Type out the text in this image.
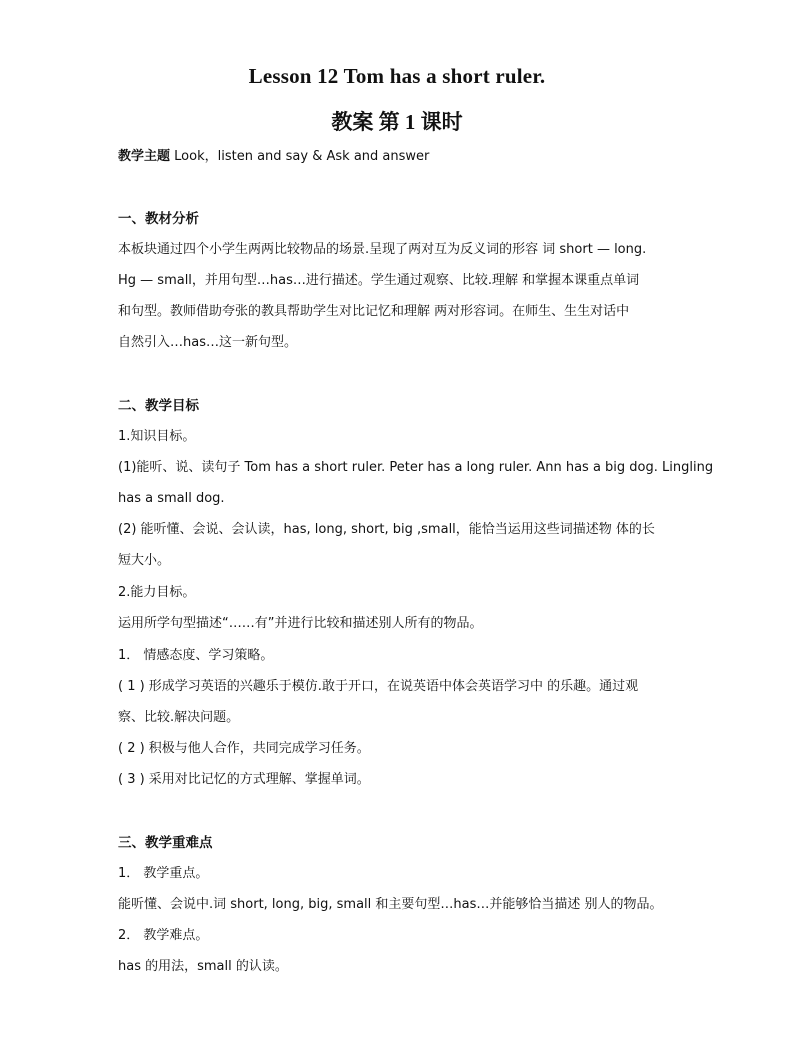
Lesson 12 Tom has a short ruler.
教案 第 1 课时
教学主题 Look，listen and say & Ask and answer
一、教材分析
本板块通过四个小学生两两比较物品的场景.呈现了两对互为反义词的形容 词 short — long.
Hg — small，并用句型…has…进行描述。学生通过观察、比较.理解 和掌握本课重点单词
和句型。教师借助夸张的教具帮助学生对比记忆和理解 两对形容词。在师生、生生对话中
自然引入…has…这一新句型。
二、教学目标
1.知识目标。
(1)能听、说、读句子 Tom has a short ruler. Peter has a long ruler. Ann has a big dog. Lingling
has a small dog.
(2) 能听懂、会说、会认读，has, long, short, big ,small，能恰当运用这些词描述物 体的长
短大小。
2.能力目标。
运用所学句型描述“……有”并进行比较和描述别人所有的物品。
1． 情感态度、学习策略。
( 1 ) 形成学习英语的兴趣乐于模仿.敢于开口，在说英语中体会英语学习中 的乐趣。通过观
察、比较.解决问题。
( 2 ) 积极与他人合作，共同完成学习任务。
( 3 ) 采用对比记忆的方式理解、掌握单词。
三、教学重难点
1． 教学重点。
能听懂、会说中.词 short, long, big, small 和主要句型…has…并能够恰当描述 别人的物品。
2． 教学难点。
has 的用法，small 的认读。
